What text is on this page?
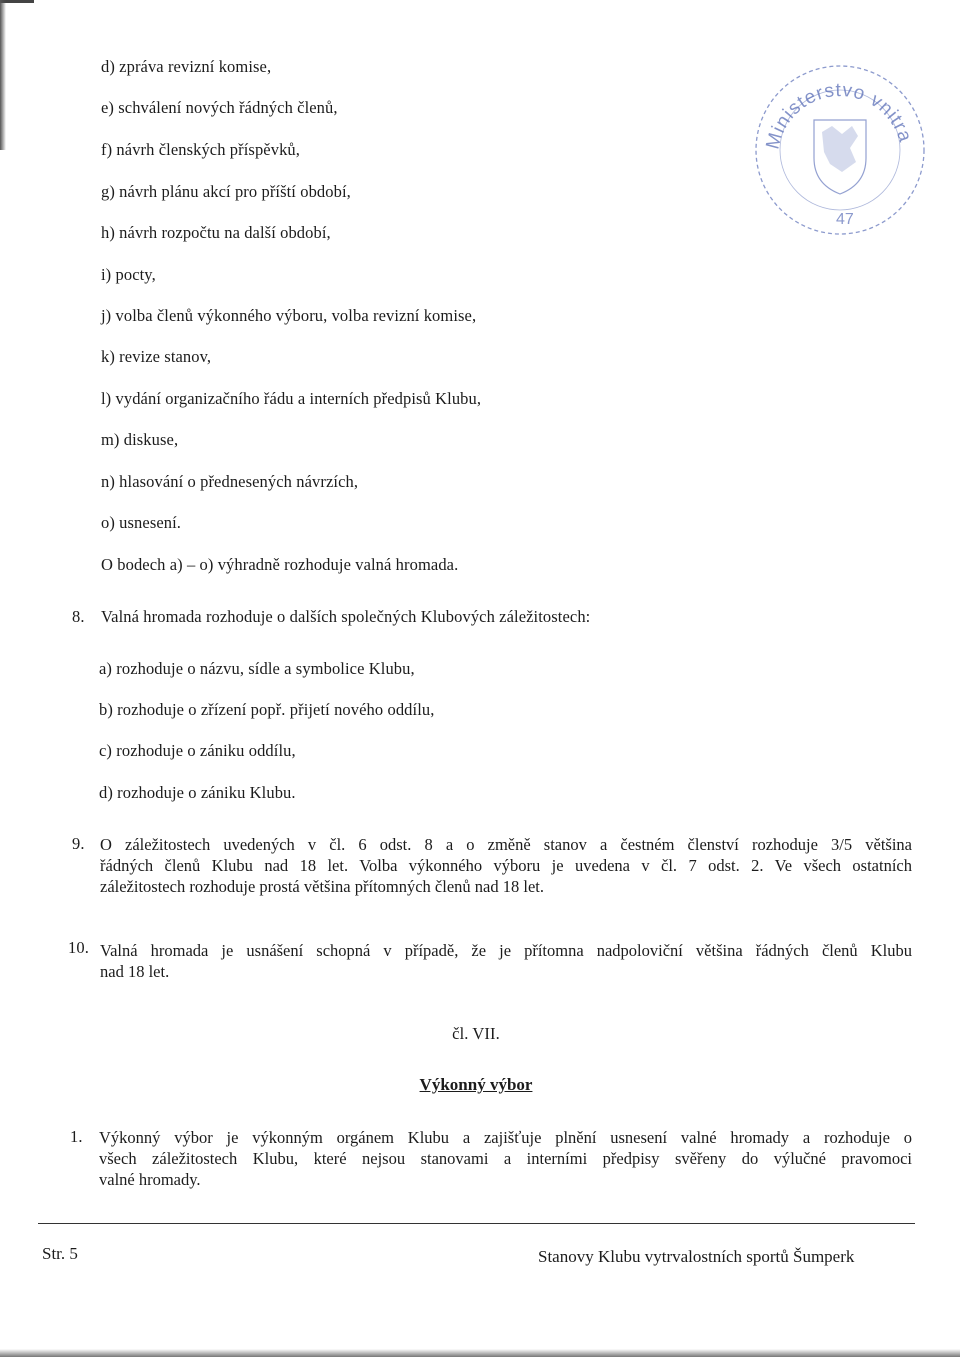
Ministerstvo vnitra
47
d) zpráva revizní komise,
e) schválení nových řádných členů,
f) návrh členských příspěvků,
g) návrh plánu akcí pro příští období,
h) návrh rozpočtu na další období,
i) pocty,
j) volba členů výkonného výboru, volba revizní komise,
k) revize stanov,
l) vydání organizačního řádu a interních předpisů Klubu,
m) diskuse,
n) hlasování o přednesených návrzích,
o) usnesení.
O bodech a) – o) výhradně rozhoduje valná hromada.
8. Valná hromada rozhoduje o dalších společných Klubových záležitostech:
a) rozhoduje o názvu, sídle a symbolice Klubu,
b) rozhoduje o zřízení popř. přijetí nového oddílu,
c) rozhoduje o zániku oddílu,
d) rozhoduje o zániku Klubu.
9. O záležitostech uvedených v čl. 6 odst. 8 a o změně stanov a čestném členství rozhoduje 3/5 většina
řádných členů Klubu nad 18 let. Volba výkonného výboru je uvedena v čl. 7 odst. 2. Ve všech ostatních
záležitostech rozhoduje prostá většina přítomných členů nad 18 let.
10. Valná hromada je usnášení schopná v případě, že je přítomna nadpoloviční většina řádných členů Klubu
nad 18 let.
čl. VII.
Výkonný výbor
1. Výkonný výbor je výkonným orgánem Klubu a zajišťuje plnění usnesení valné hromady a rozhoduje o
všech záležitostech Klubu, které nejsou stanovami a interními předpisy svěřeny do výlučné pravomoci
valné hromady.
Str. 5	Stanovy Klubu vytrvalostních sportů Šumperk
